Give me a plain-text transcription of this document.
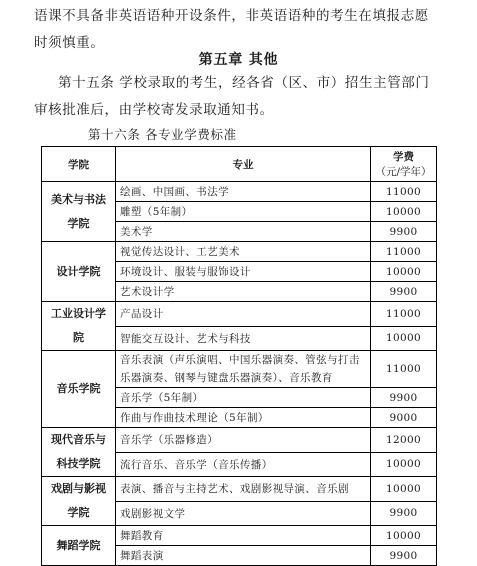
语课不具备非英语语种开设条件，非英语语种的考生在填报志愿
时须慎重。
第五章 其他
第十五条 学校录取的考生，经各省（区、市）招生主管部门
审核批准后，由学校寄发录取通知书。
第十六条 各专业学费标准
学院	专业	学费
（元/学年）

美术与书法学院	绘画、中国画、书法学	11000
	雕塑（5年制）	10000
	美术学	9900
设计学院	视觉传达设计、工艺美术	11000
	环境设计、服装与服饰设计	10000
	艺术设计学	9900
工业设计学院	产品设计	11000
	智能交互设计、艺术与科技	10000
音乐学院	音乐表演（声乐演唱、中国乐器演奏、管弦与打击乐器演奏、钢琴与键盘乐器演奏）、音乐教育	11000
	音乐学（5年制）	9900
	作曲与作曲技术理论（5年制）	9000
现代音乐与科技学院	音乐学（乐器修造）	12000
	流行音乐、音乐学（音乐传播）	10000
戏剧与影视学院	表演、播音与主持艺术、戏剧影视导演、音乐剧	10000
	戏剧影视文学	9900
舞蹈学院	舞蹈教育	10000
	舞蹈表演	9900
